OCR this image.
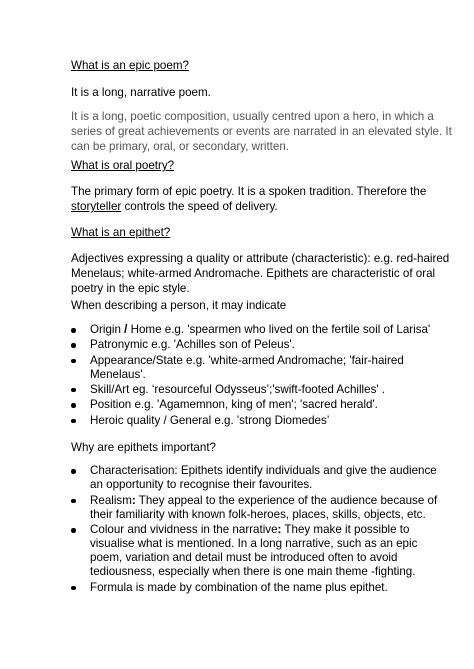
What is an epic poem?

It is a long, narrative poem.

It is a long, poetic composition, usually centred upon a hero, in which a series of great achievements or events are narrated in an elevated style. It can be primary, oral, or secondary, written.

What is oral poetry?

The primary form of epic poetry. It is a spoken tradition. Therefore the storyteller controls the speed of delivery.

What is an epithet?

Adjectives expressing a quality or attribute (characteristic): e.g. red-haired Menelaus; white-armed Andromache. Epithets are characteristic of oral poetry in the epic style.

When describing a person, it may indicate

Origin / Home e.g. 'spearmen who lived on the fertile soil of Larisa'
Patronymic e.g. 'Achilles son of Peleus'.
Appearance/State e.g. 'white-armed Andromache; 'fair-haired Menelaus'.
Skill/Art eg. ‘resourceful Odysseus’;'swift-footed Achilles' .
Position e.g. 'Agamemnon, king of men'; 'sacred herald'.
Heroic quality / General e.g. 'strong Diomedes’

Why are epithets important?

Characterisation: Epithets identify individuals and give the audience an opportunity to recognise their favourites.
Realism: They appeal to the experience of the audience because of their familiarity with known folk-heroes, places, skills, objects, etc.
Colour and vividness in the narrative: They make it possible to visualise what is mentioned. In a long narrative, such as an epic poem, variation and detail must be introduced often to avoid tediousness, especially when there is one main theme -fighting.
Formula is made by combination of the name plus epithet.
